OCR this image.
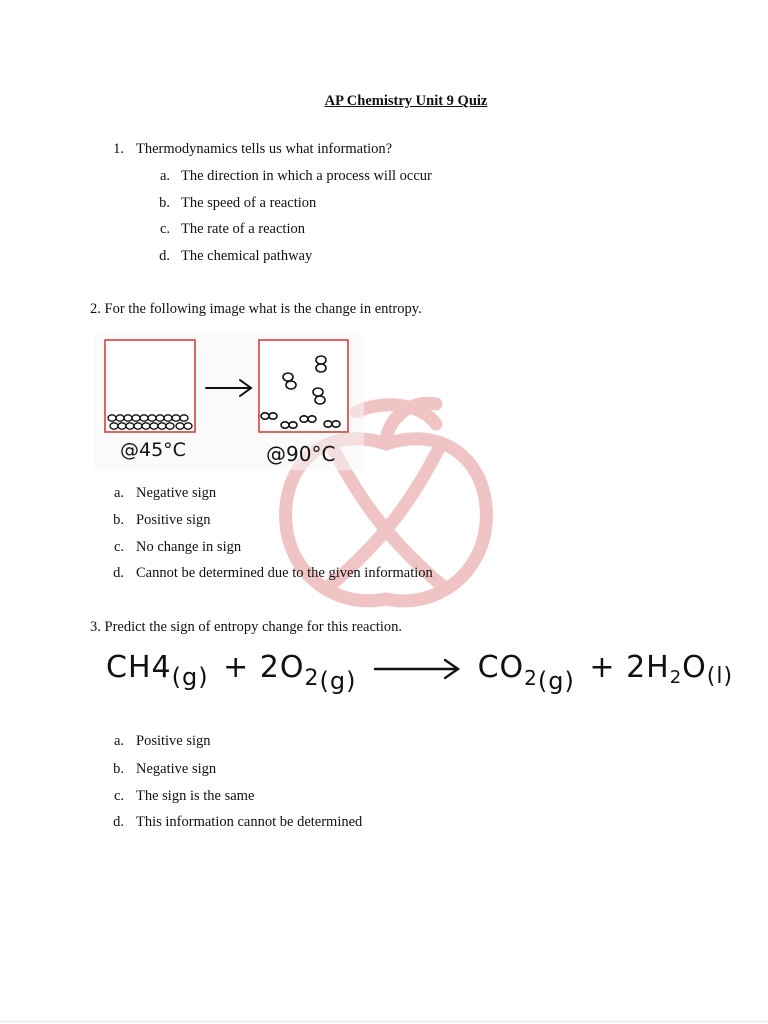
AP Chemistry Unit 9 Quiz
1. Thermodynamics tells us what information?
a. The direction in which a process will occur
b. The speed of a reaction
c. The rate of a reaction
d. The chemical pathway
2. For the following image what is the change in entropy.
@45°C	@90°C
a. Negative sign
b. Positive sign
c. No change in sign
d. Cannot be determined due to the given information
3. Predict the sign of entropy change for this reaction.
$CH4_{(g)} + 2O_{2(g)} \to CO_{2(g)} + 2H_2O_{(l)}$
a. Positive sign
b. Negative sign
c. The sign is the same
d. This information cannot be determined
